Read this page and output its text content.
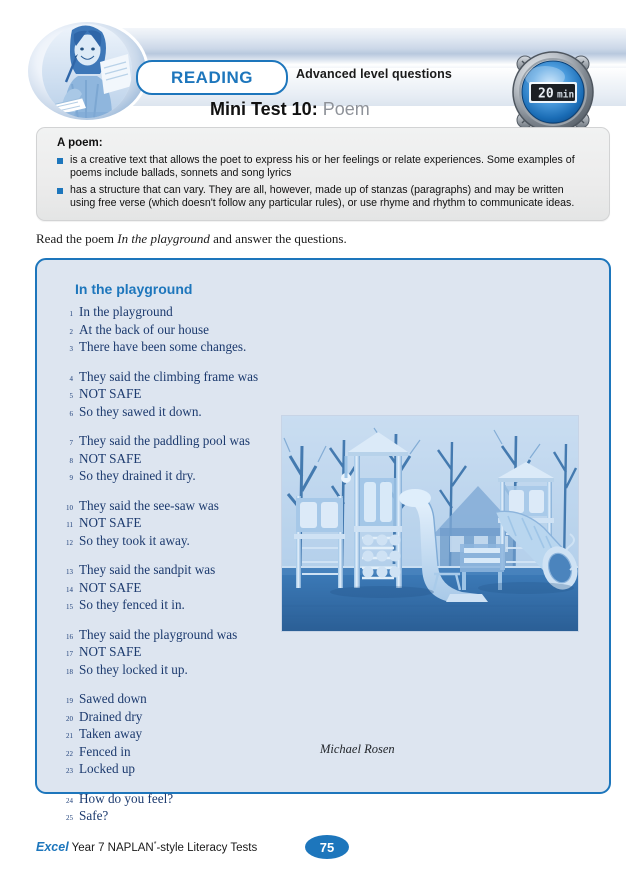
READING	Advanced level questions
Mini Test 10: Poem
20 min
A poem:
is a creative text that allows the poet to express his or her feelings or relate experiences. Some examples of poems include ballads, sonnets and song lyrics
has a structure that can vary. They are all, however, made up of stanzas (paragraphs) and may be written using free verse (which doesn't follow any particular rules), or use rhyme and rhythm to communicate ideas.
Read the poem In the playground and answer the questions.
In the playground
1 In the playground
2 At the back of our house
3 There have been some changes.
4 They said the climbing frame was
5 NOT SAFE
6 So they sawed it down.
7 They said the paddling pool was
8 NOT SAFE
9 So they drained it dry.
10 They said the see-saw was
11 NOT SAFE
12 So they took it away.
13 They said the sandpit was
14 NOT SAFE
15 So they fenced it in.
16 They said the playground was
17 NOT SAFE
18 So they locked it up.
19 Sawed down
20 Drained dry
21 Taken away
22 Fenced in
23 Locked up
24 How do you feel?
25 Safe?
Michael Rosen
Excel Year 7 NAPLAN*-style Literacy Tests	75
